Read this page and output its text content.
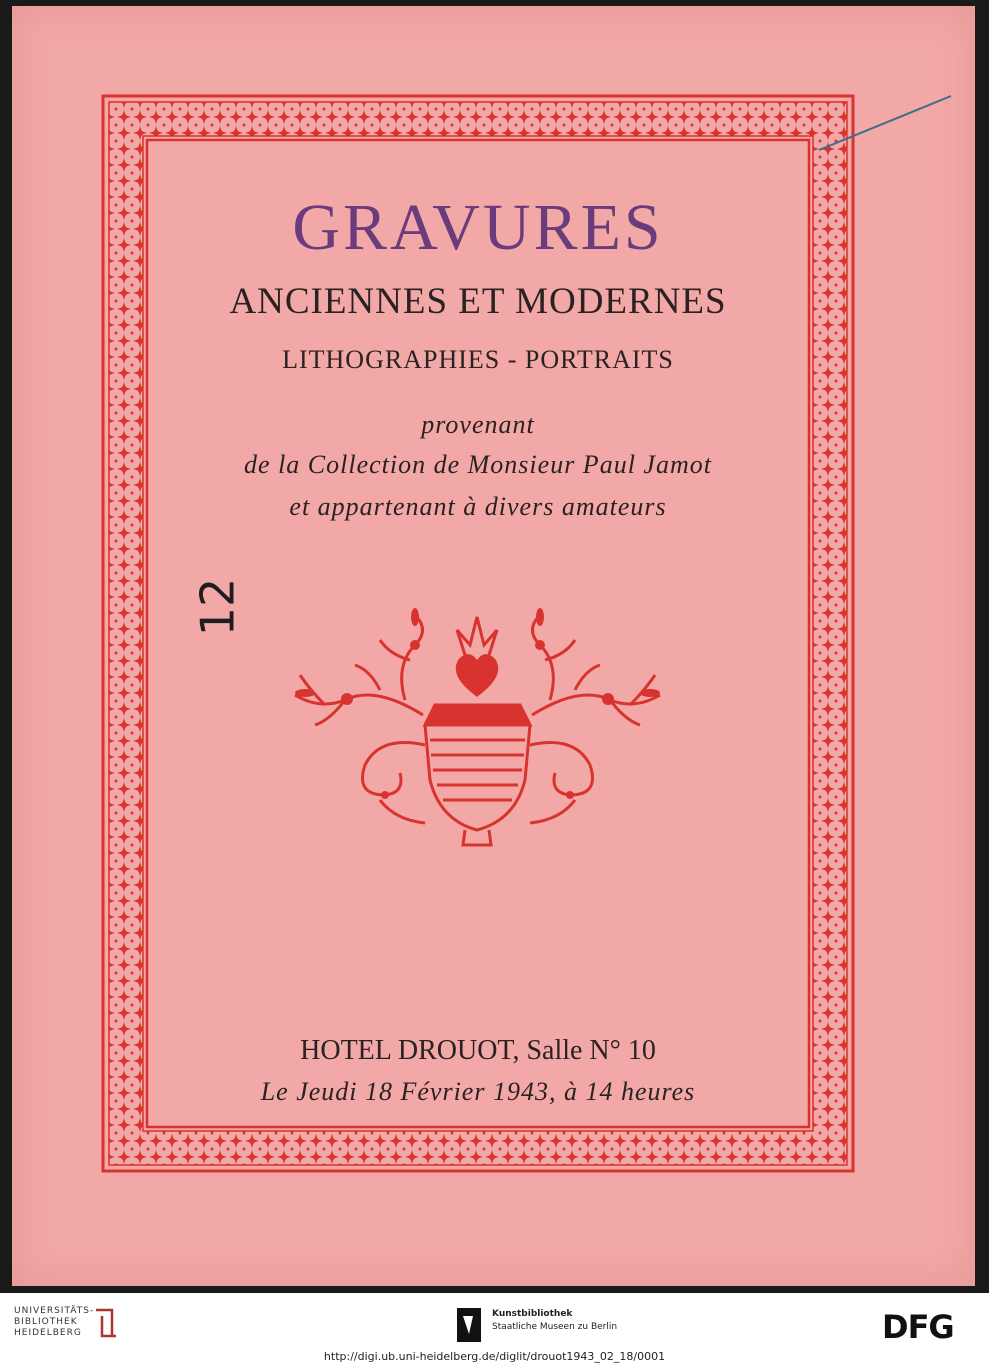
GRAVURES

ANCIENNES ET MODERNES

LITHOGRAPHIES - PORTRAITS

provenant

de la Collection de Monsieur Paul Jamot

et appartenant à divers amateurs

12

HOTEL DROUOT, Salle N° 10

Le Jeudi 18 Février 1943, à 14 heures

UNIVERSITÄTS-
BIBLIOTHEK
HEIDELBERG
Kunstbibliothek
Staatliche Museen zu Berlin	DFG
http://digi.ub.uni-heidelberg.de/diglit/drouot1943_02_18/0001
